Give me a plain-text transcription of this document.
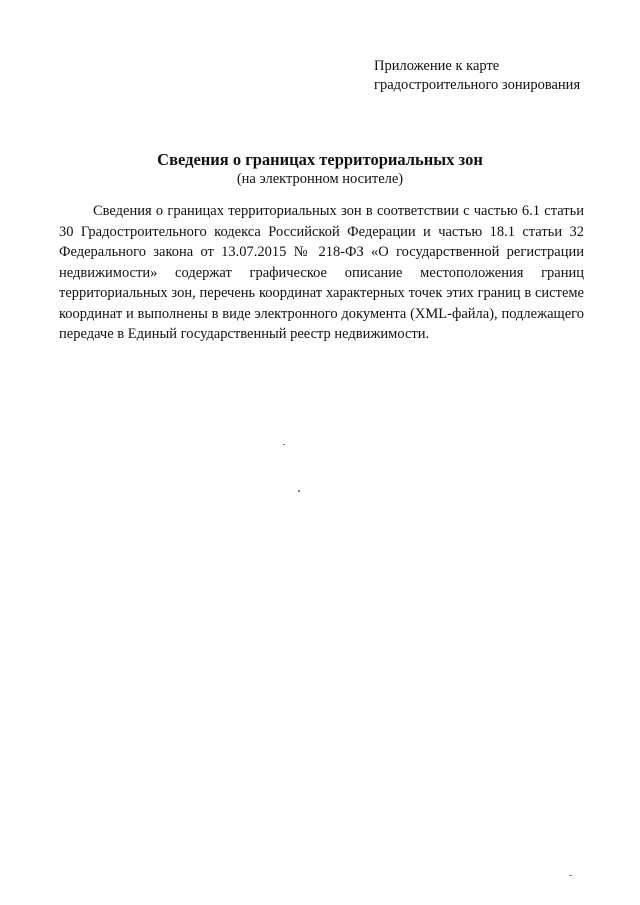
Приложение к карте
градостроительного зонирования
Сведения о границах территориальных зон
(на электронном носителе)

Сведения о границах территориальных зон в соответствии с частью 6.1 статьи 30 Градостроительного кодекса Российской Федерации и частью 18.1 статьи 32 Федерального закона от 13.07.2015 № 218-ФЗ «О государственной регистрации недвижимости» содержат графическое описание местоположения границ территориальных зон, перечень координат характерных точек этих границ в системе координат и выполнены в виде электронного документа (XML-файла), подлежащего передаче в Единый государственный реестр недвижимости.
